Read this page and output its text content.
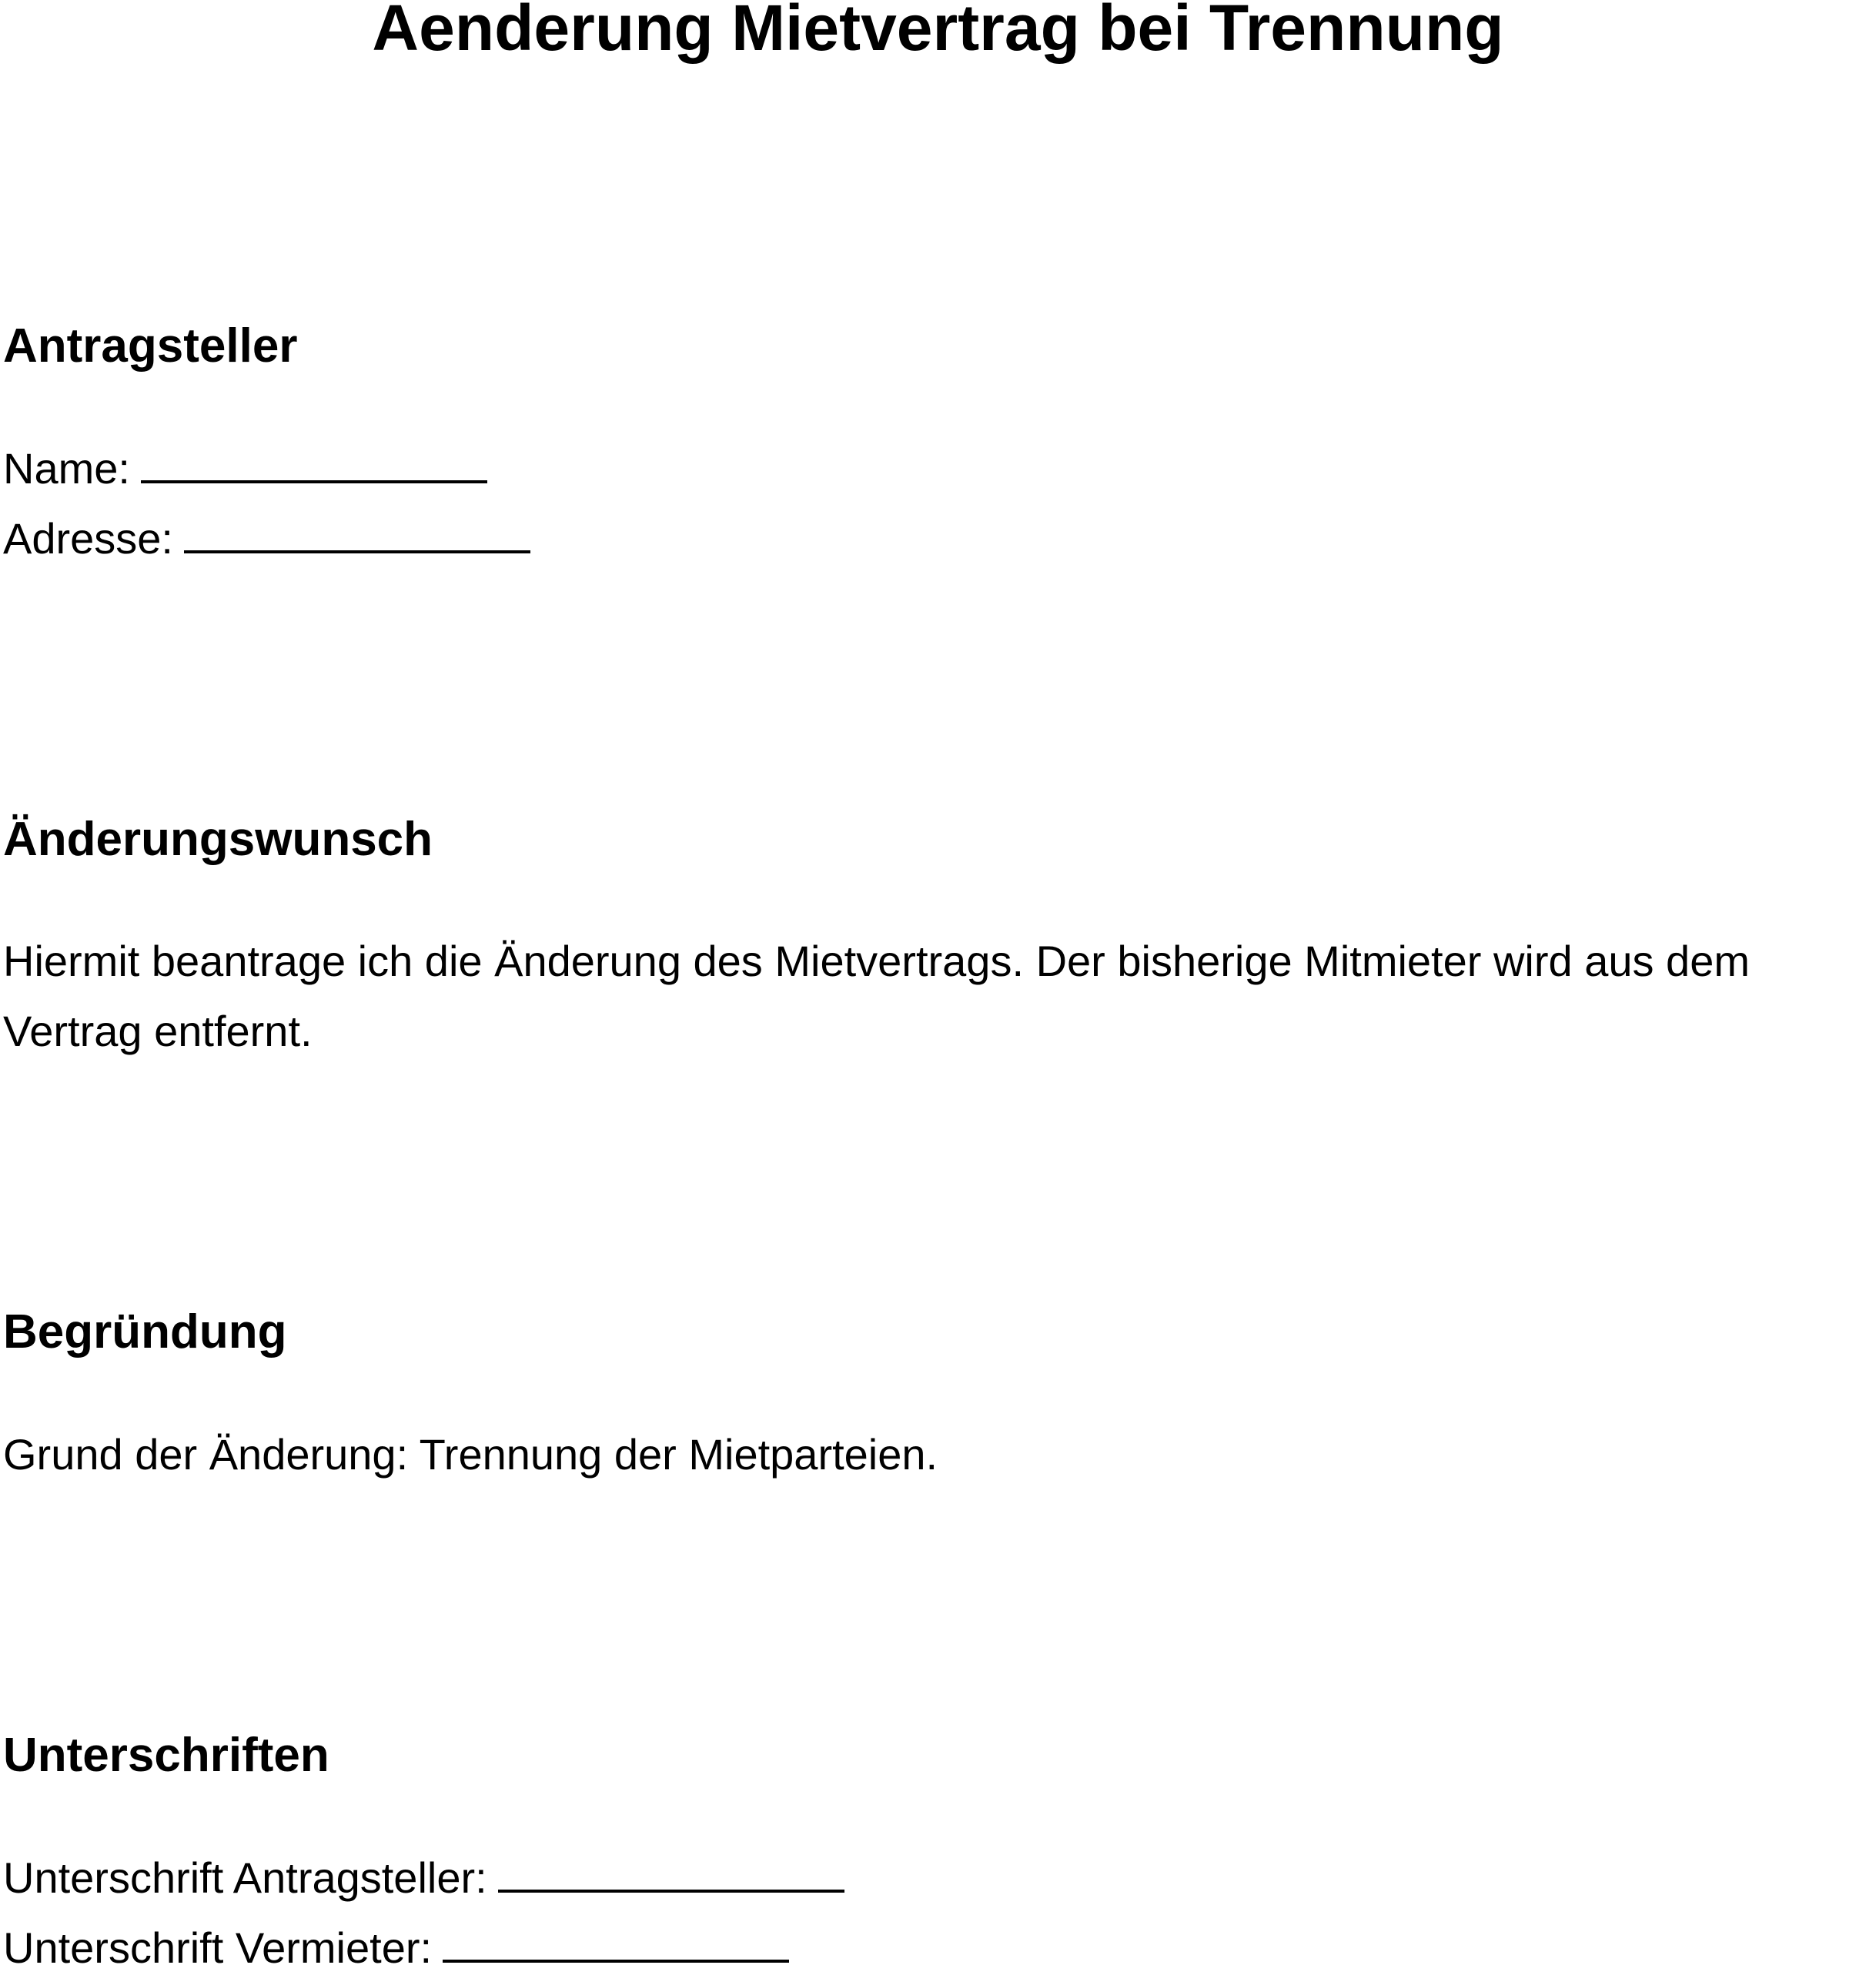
Aenderung Mietvertrag bei Trennung
Antragsteller
Name:
Adresse:
Änderungswunsch

Hiermit beantrage ich die Änderung des Mietvertrags. Der bisherige Mitmieter wird aus dem Vertrag entfernt.

Begründung

Grund der Änderung: Trennung der Mietparteien.

Unterschriften
Unterschrift Antragsteller:
Unterschrift Vermieter:
